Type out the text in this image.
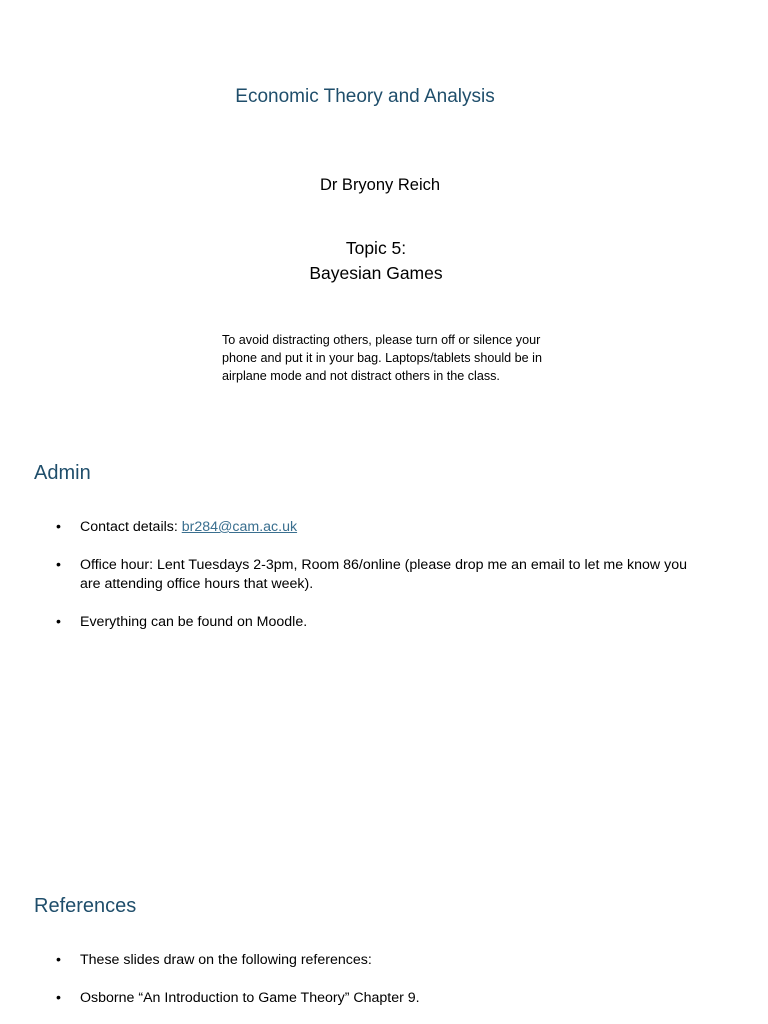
Economic Theory and Analysis
Dr Bryony Reich
Topic 5:
Bayesian Games
To avoid distracting others, please turn off or silence your
phone and put it in your bag. Laptops/tablets should be in
airplane mode and not distract others in the class.
Admin
• Contact details: br284@cam.ac.uk
• Office hour: Lent Tuesdays 2-3pm, Room 86/online (please drop me an email to let me know you
are attending office hours that week).
• Everything can be found on Moodle.
References
• These slides draw on the following references:
• Osborne “An Introduction to Game Theory” Chapter 9.
